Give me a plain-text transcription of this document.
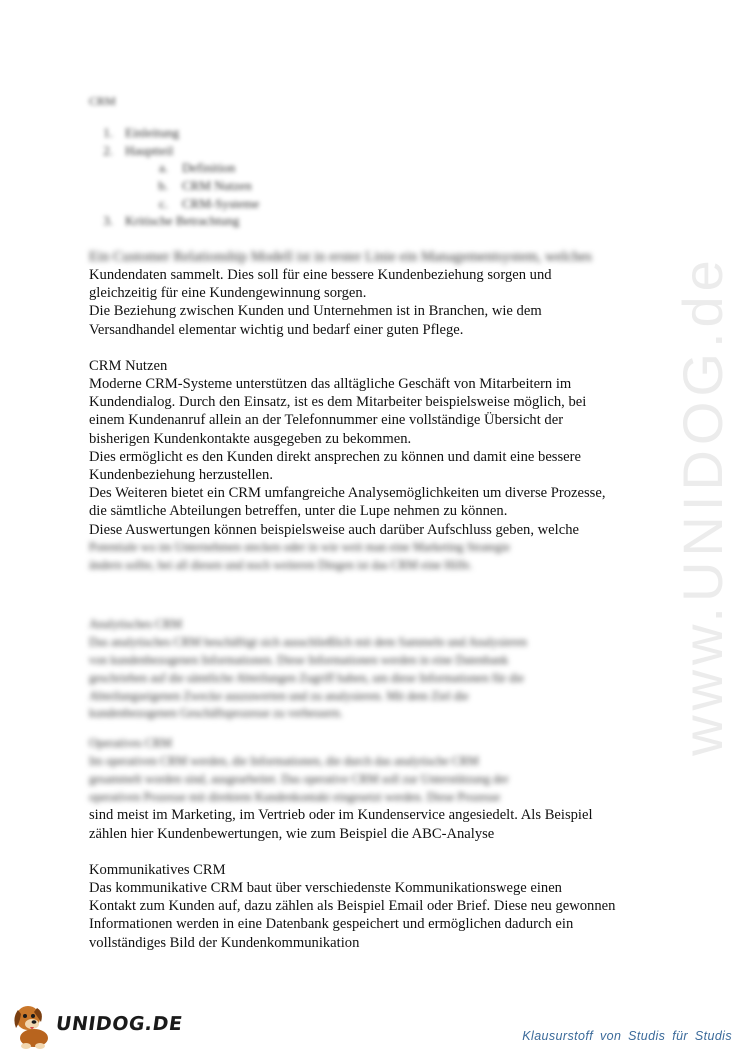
www.UNIDOG.de
CRM
1. Einleitung
2. Hauptteil
a. Definition
b. CRM Nutzen
c. CRM-Systeme
3. Kritische Betrachtung

Ein Customer Relationship Modell ist in erster Linie ein Managementsystem, welches

Kundendaten sammelt. Dies soll für eine bessere Kundenbeziehung sorgen und

gleichzeitig für eine Kundengewinnung sorgen.

Die Beziehung zwischen Kunden und Unternehmen ist in Branchen, wie dem

Versandhandel elementar wichtig und bedarf einer guten Pflege.

CRM Nutzen

Moderne CRM-Systeme unterstützen das alltägliche Geschäft von Mitarbeitern im

Kundendialog. Durch den Einsatz, ist es dem Mitarbeiter beispielsweise möglich, bei

einem Kundenanruf allein an der Telefonnummer eine vollständige Übersicht der

bisherigen Kundenkontakte ausgegeben zu bekommen.

Dies ermöglicht es den Kunden direkt ansprechen zu können und damit eine bessere

Kundenbeziehung herzustellen.

Des Weiteren bietet ein CRM umfangreiche Analysemöglichkeiten um diverse Prozesse,

die sämtliche Abteilungen betreffen, unter die Lupe nehmen zu können.

Diese Auswertungen können beispielsweise auch darüber Aufschluss geben, welche

Potentiale wo im Unternehmen stecken oder in wie weit man eine Marketing Strategie

ändern sollte, bei all diesen und noch weiteren Dingen ist das CRM eine Hilfe.

Analytisches CRM

Das analytisches CRM beschäftigt sich ausschließlich mit dem Sammeln und Analysieren

von kundenbezogenen Informationen. Diese Informationen werden in eine Datenbank

geschrieben auf die sämtliche Abteilungen Zugriff haben, um diese Informationen für die

Abteilungseigenen Zwecke auszuwerten und zu analysieren. Mit dem Ziel die

kundenbezogenen Geschäftsprozesse zu verbessern.

Operatives CRM

Im operativen CRM werden, die Informationen, die durch das analytische CRM

gesammelt worden sind, ausgearbeitet. Das operative CRM soll zur Unterstützung der

operativen Prozesse mit direktem Kundenkontakt eingesetzt werden. Diese Prozesse

sind meist im Marketing, im Vertrieb oder im Kundenservice angesiedelt. Als Beispiel

zählen hier Kundenbewertungen, wie zum Beispiel die ABC-Analyse

Kommunikatives CRM

Das kommunikative CRM baut über verschiedenste Kommunikationswege einen

Kontakt zum Kunden auf, dazu zählen als Beispiel Email oder Brief. Diese neu gewonnen

Informationen werden in eine Datenbank gespeichert und ermöglichen dadurch ein

vollständiges Bild der Kundenkommunikation

UNIDOG.DE
Klausurstoff von Studis für Studis
